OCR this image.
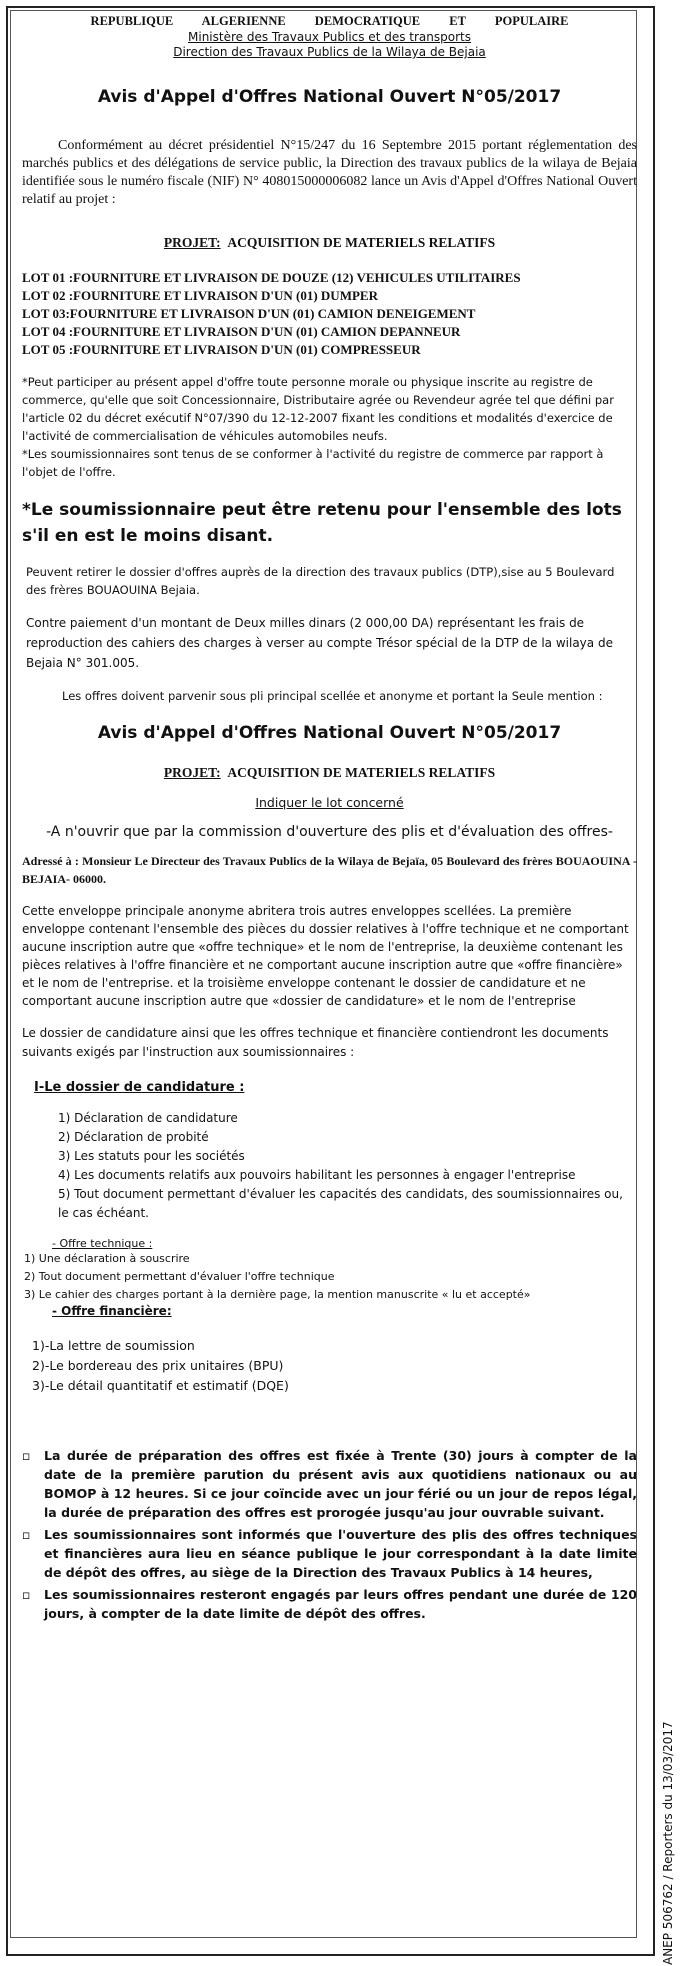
REPUBLIQUE ALGERIENNE DEMOCRATIQUE ET POPULAIRE
Ministère des Travaux Publics et des transports
Direction des Travaux Publics de la Wilaya de Bejaia
Avis d'Appel d'Offres National Ouvert N°05/2017
Conformément au décret présidentiel N°15/247 du 16 Septembre 2015 portant réglementation des marchés publics et des délégations de service public, la Direction des travaux publics de la wilaya de Bejaia identifiée sous le numéro fiscale (NIF) N° 408015000006082 lance un Avis d'Appel d'Offres National Ouvert relatif au projet :
PROJET: ACQUISITION DE MATERIELS RELATIFS
LOT 01 :FOURNITURE ET LIVRAISON DE DOUZE (12) VEHICULES UTILITAIRES
LOT 02 :FOURNITURE ET LIVRAISON D'UN (01) DUMPER
LOT 03:FOURNITURE ET LIVRAISON D'UN (01) CAMION DENEIGEMENT
LOT 04 :FOURNITURE ET LIVRAISON D'UN (01) CAMION DEPANNEUR
LOT 05 :FOURNITURE ET LIVRAISON D'UN (01) COMPRESSEUR
*Peut participer au présent appel d'offre toute personne morale ou physique inscrite au registre de commerce, qu'elle que soit Concessionnaire, Distributaire agrée ou Revendeur agrée tel que défini par l'article 02 du décret exécutif N°07/390 du 12-12-2007 fixant les conditions et modalités d'exercice de l'activité de commercialisation de véhicules automobiles neufs.
*Les soumissionnaires sont tenus de se conformer à l'activité du registre de commerce par rapport à l'objet de l'offre.
*Le soumissionnaire peut être retenu pour l'ensemble des lots s'il en est le moins disant.
Peuvent retirer le dossier d'offres auprès de la direction des travaux publics (DTP),sise au 5 Boulevard des frères BOUAOUINA Bejaia.
Contre paiement d'un montant de Deux milles dinars (2 000,00 DA) représentant les frais de reproduction des cahiers des charges à verser au compte Trésor spécial de la DTP de la wilaya de Bejaia N° 301.005.
Les offres doivent parvenir sous pli principal scellée et anonyme et portant la Seule mention :
Avis d'Appel d'Offres National Ouvert N°05/2017
PROJET: ACQUISITION DE MATERIELS RELATIFS
Indiquer le lot concerné
-A n'ouvrir que par la commission d'ouverture des plis et d'évaluation des offres-
Adressé à : Monsieur Le Directeur des Travaux Publics de la Wilaya de Bejaïa, 05 Boulevard des frères BOUAOUINA -BEJAIA- 06000.
Cette enveloppe principale anonyme abritera trois autres enveloppes scellées. La première enveloppe contenant l'ensemble des pièces du dossier relatives à l'offre technique et ne comportant aucune inscription autre que «offre technique» et le nom de l'entreprise, la deuxième contenant les pièces relatives à l'offre financière et ne comportant aucune inscription autre que «offre financière» et le nom de l'entreprise. et la troisième enveloppe contenant le dossier de candidature et ne comportant aucune inscription autre que «dossier de candidature» et le nom de l'entreprise
Le dossier de candidature ainsi que les offres technique et financière contiendront les documents suivants exigés par l'instruction aux soumissionnaires :
I-Le dossier de candidature :
1) Déclaration de candidature
2) Déclaration de probité
3) Les statuts pour les sociétés
4) Les documents relatifs aux pouvoirs habilitant les personnes à engager l'entreprise
5) Tout document permettant d'évaluer les capacités des candidats, des soumissionnaires ou, le cas échéant.
- Offre technique :
1) Une déclaration à souscrire
2) Tout document permettant d'évaluer l'offre technique
3) Le cahier des charges portant à la dernière page, la mention manuscrite « lu et accepté»
- Offre financière:
1)-La lettre de soumission
2)-Le bordereau des prix unitaires (BPU)
3)-Le détail quantitatif et estimatif (DQE)
▫	La durée de préparation des offres est fixée à Trente (30) jours à compter de la date de la première parution du présent avis aux quotidiens nationaux ou au BOMOP à 12 heures. Si ce jour coïncide avec un jour férié ou un jour de repos légal, la durée de préparation des offres est prorogée jusqu'au jour ouvrable suivant.
▫	Les soumissionnaires sont informés que l'ouverture des plis des offres techniques et financières aura lieu en séance publique le jour correspondant à la date limite de dépôt des offres, au siège de la Direction des Travaux Publics à 14 heures,
▫	Les soumissionnaires resteront engagés par leurs offres pendant une durée de 120 jours, à compter de la date limite de dépôt des offres.
ANEP 506762 / Reporters du 13/03/2017
